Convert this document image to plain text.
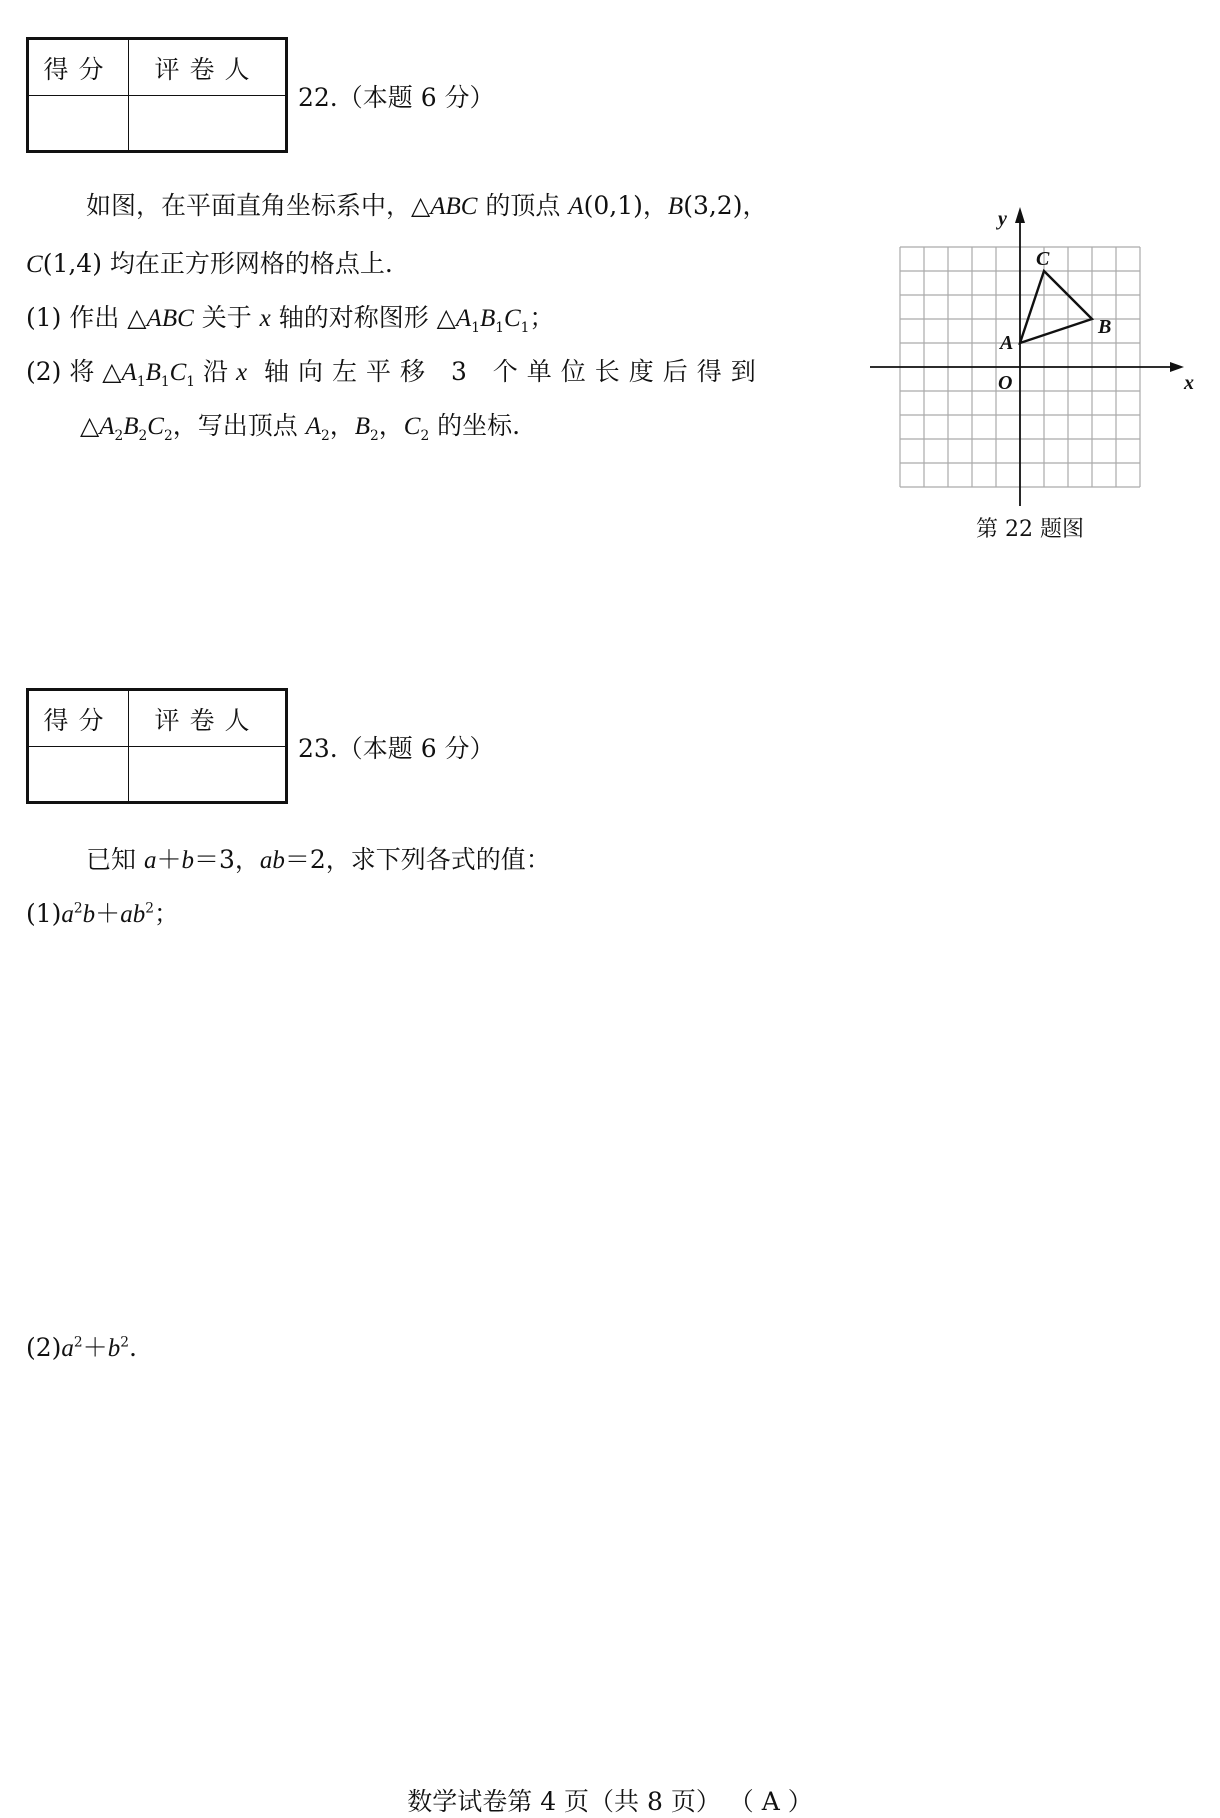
得分	评卷人
22.（本题 6 分）
如图，在平面直角坐标系中，△ABC 的顶点 A(0,1)，B(3,2)，
C(1,4) 均在正方形网格的格点上.
(1) 作出 △ABC 关于 x 轴的对称图形 $\triangle A_1B_1C_1$；
(2) 将 $\triangle A_1B_1C_1$ 沿 x 轴向左平移 3 个单位长度后得到
$\triangle A_2B_2C_2$，写出顶点 $A_2$，$B_2$，$C_2$ 的坐标.
x
y
O
A
B
C
第 22 题图
得分	评卷人
23.（本题 6 分）
已知 a＋b＝3，ab＝2，求下列各式的值：
$(1)a^2b+ab^2$；
$(2)a^2+b^2$.
数学试卷第 4 页（共 8 页） （ A ）
